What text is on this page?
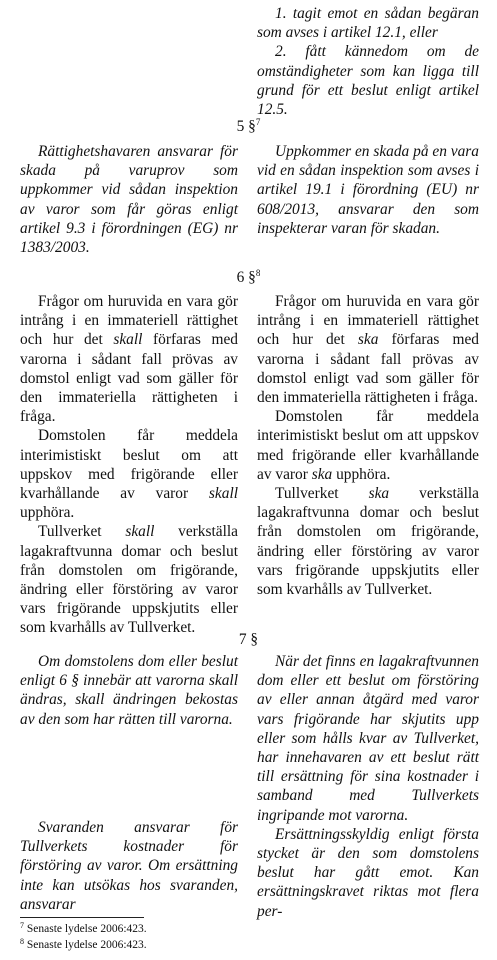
1. tagit emot en sådan begäran som avses i artikel 12.1, eller

2. fått kännedom om de omständigheter som kan ligga till grund för ett beslut enligt artikel 12.5.

5 §$^7$

Rättighetshavaren ansvarar för skada på varuprov som uppkommer vid sådan inspektion av varor som får göras enligt artikel 9.3 i förordningen (EG) nr 1383/2003.

Uppkommer en skada på en vara vid en sådan inspektion som avses i artikel 19.1 i förordning (EU) nr 608/2013, ansvarar den som inspekterar varan för skadan.

6 §$^8$

Frågor om huruvida en vara gör intrång i en immateriell rättighet och hur det skall förfaras med varorna i sådant fall prövas av domstol enligt vad som gäller för den immateriella rättigheten i fråga.

Domstolen får meddela interimistiskt beslut om att uppskov med frigörande eller kvarhållande av varor skall upphöra.

Tullverket skall verkställa lagakraftvunna domar och beslut från domstolen om frigörande, ändring eller förstöring av varor vars frigörande uppskjutits eller som kvarhålls av Tullverket.

Frågor om huruvida en vara gör intrång i en immateriell rättighet och hur det ska förfaras med varorna i sådant fall prövas av domstol enligt vad som gäller för den immateriella rättigheten i fråga.

Domstolen får meddela interimistiskt beslut om att uppskov med frigörande eller kvarhållande av varor ska upphöra.

Tullverket ska verkställa lagakraftvunna domar och beslut från domstolen om frigörande, ändring eller förstöring av varor vars frigörande uppskjutits eller som kvarhålls av Tullverket.

7 §

Om domstolens dom eller beslut enligt 6 § innebär att varorna skall ändras, skall ändringen bekostas av den som har rätten till varorna.

Svaranden ansvarar för Tullverkets kostnader för förstöring av varor. Om ersättning inte kan utsökas hos svaranden, ansvarar

När det finns en lagakraftvunnen dom eller ett beslut om förstöring av eller annan åtgärd med varor vars frigörande har skjutits upp eller som hålls kvar av Tullverket, har innehavaren av ett beslut rätt till ersättning för sina kostnader i samband med Tullverkets ingripande mot varorna.

Ersättningsskyldig enligt första stycket är den som domstolens beslut har gått emot. Kan ersättningskravet riktas mot flera per-

$^7$ Senaste lydelse 2006:423.

$^8$ Senaste lydelse 2006:423.
